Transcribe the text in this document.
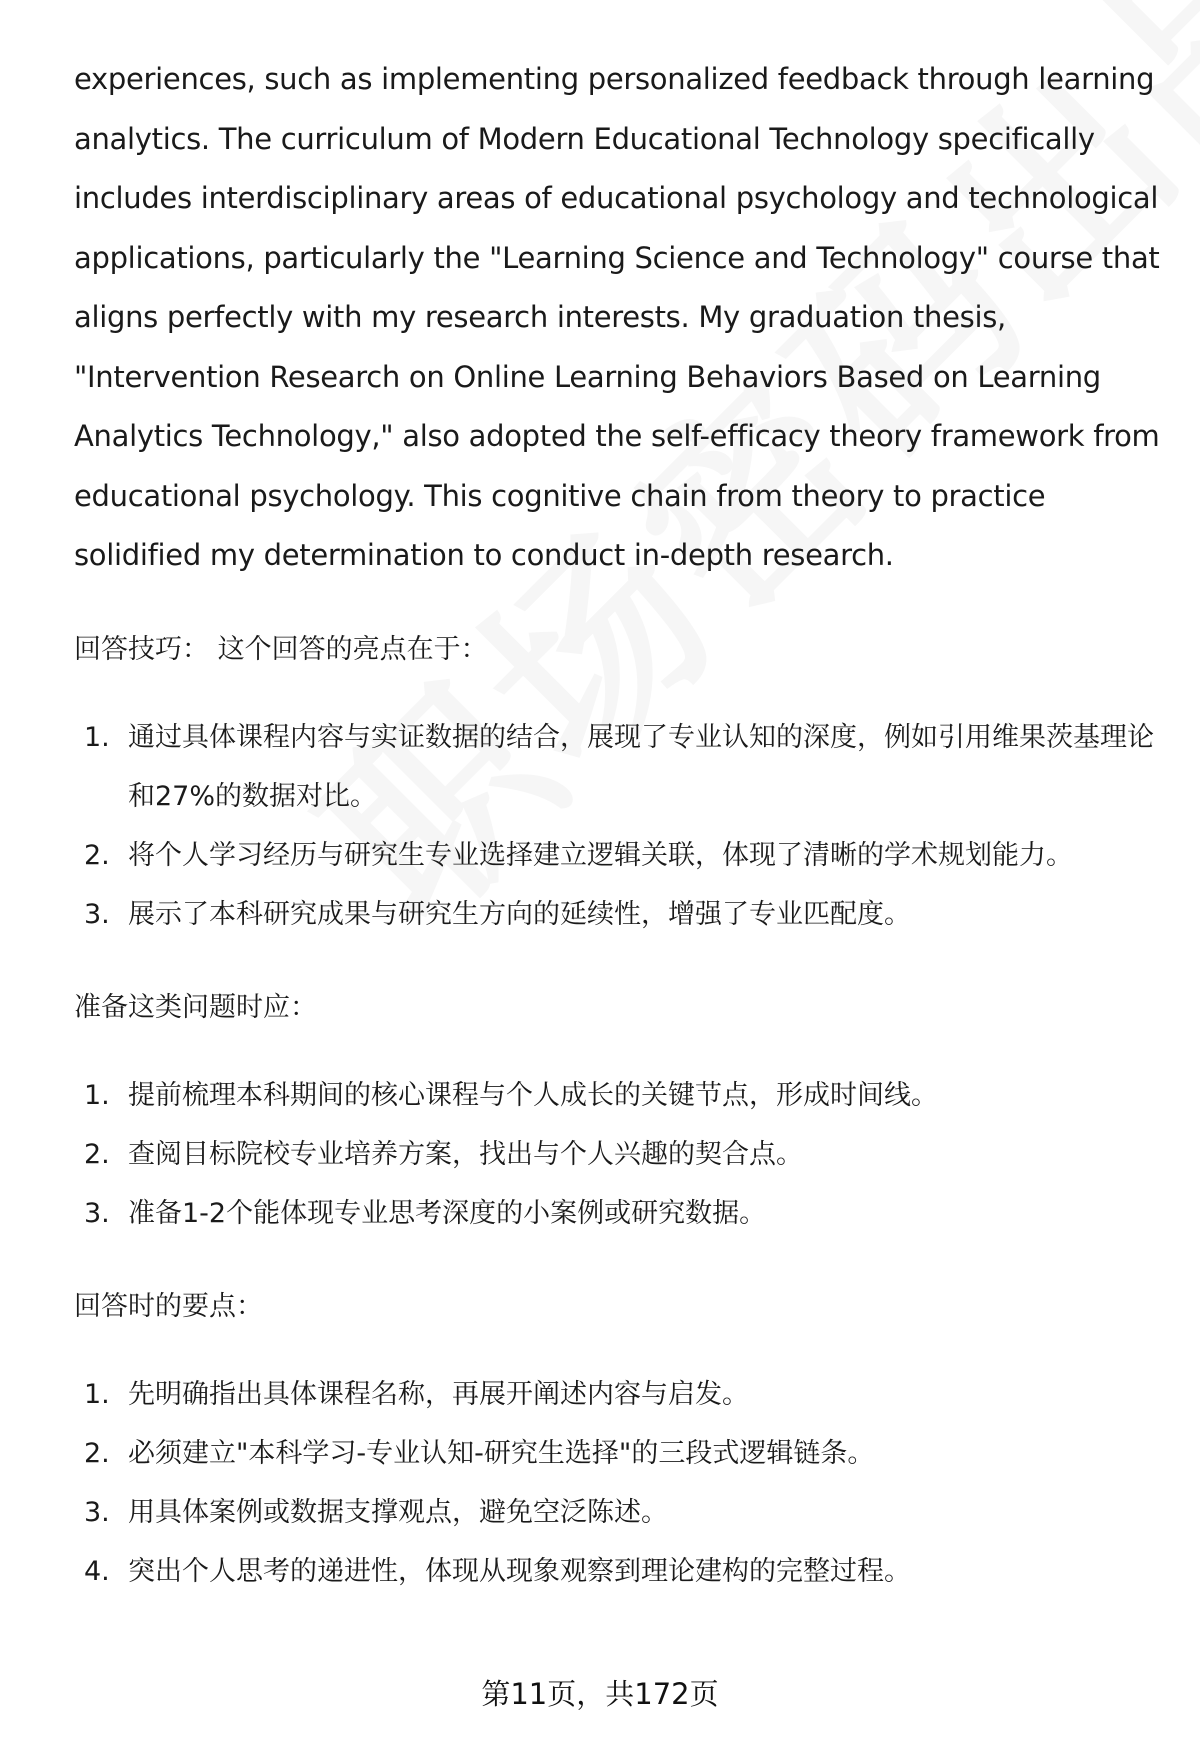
experiences, such as implementing personalized feedback through learning analytics. The curriculum of Modern Educational Technology specifically includes interdisciplinary areas of educational psychology and technological applications, particularly the "Learning Science and Technology" course that aligns perfectly with my research interests. My graduation thesis, "Intervention Research on Online Learning Behaviors Based on Learning Analytics Technology," also adopted the self-efficacy theory framework from educational psychology. This cognitive chain from theory to practice solidified my determination to conduct in-depth research.

回答技巧： 这个回答的亮点在于：
1. 通过具体课程内容与实证数据的结合，展现了专业认知的深度，例如引用维果茨基理论和27%的数据对比。
2. 将个人学习经历与研究生专业选择建立逻辑关联，体现了清晰的学术规划能力。
3. 展示了本科研究成果与研究生方向的延续性，增强了专业匹配度。
准备这类问题时应：
1. 提前梳理本科期间的核心课程与个人成长的关键节点，形成时间线。
2. 查阅目标院校专业培养方案，找出与个人兴趣的契合点。
3. 准备1-2个能体现专业思考深度的小案例或研究数据。
回答时的要点：
1. 先明确指出具体课程名称，再展开阐述内容与启发。
2. 必须建立"本科学习-专业认知-研究生选择"的三段式逻辑链条。
3. 用具体案例或数据支撑观点，避免空泛陈述。
4. 突出个人思考的递进性，体现从现象观察到理论建构的完整过程。
第11页，共172页
